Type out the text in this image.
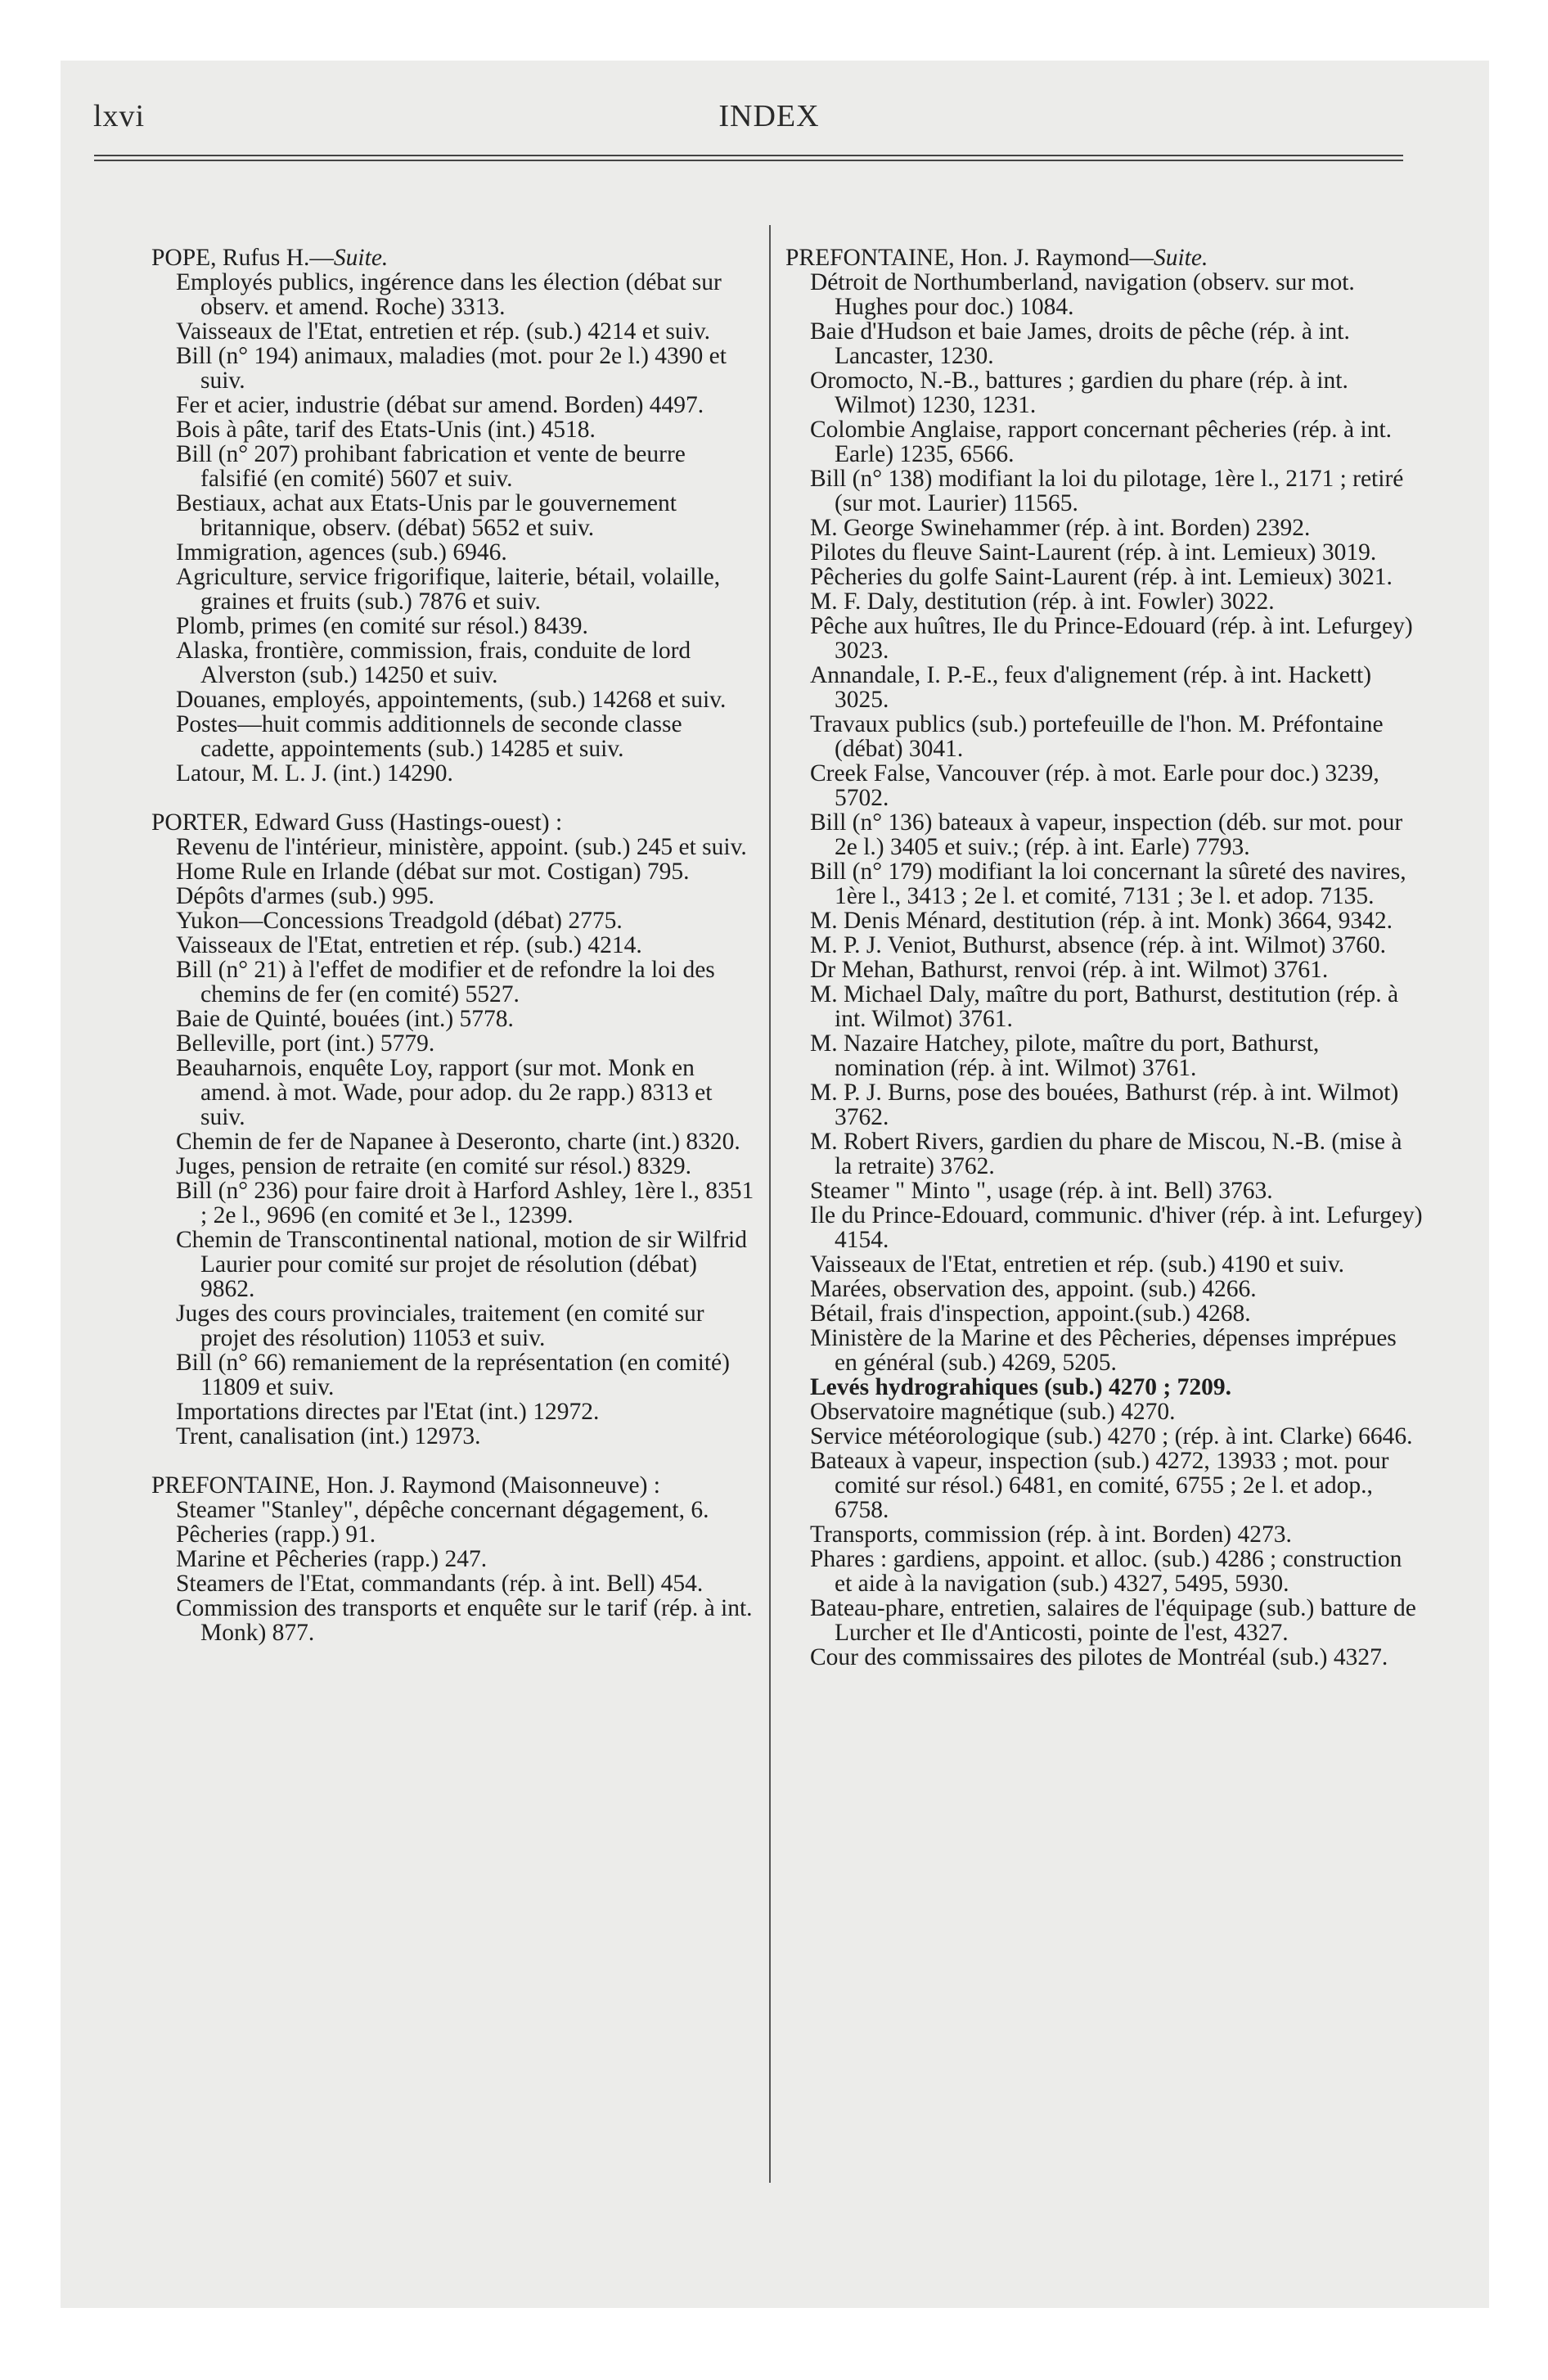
lxvi	INDEX

POPE, Rufus H.—Suite.

Employés publics, ingérence dans les élection (débat sur observ. et amend. Roche) 3313.

Vaisseaux de l'Etat, entretien et rép. (sub.) 4214 et suiv.

Bill (n° 194) animaux, maladies (mot. pour 2e l.) 4390 et suiv.

Fer et acier, industrie (débat sur amend. Borden) 4497.

Bois à pâte, tarif des Etats-Unis (int.) 4518.

Bill (n° 207) prohibant fabrication et vente de beurre falsifié (en comité) 5607 et suiv.

Bestiaux, achat aux Etats-Unis par le gouvernement britannique, observ. (débat) 5652 et suiv.

Immigration, agences (sub.) 6946.

Agriculture, service frigorifique, laiterie, bétail, volaille, graines et fruits (sub.) 7876 et suiv.

Plomb, primes (en comité sur résol.) 8439.

Alaska, frontière, commission, frais, conduite de lord Alverston (sub.) 14250 et suiv.

Douanes, employés, appointements, (sub.) 14268 et suiv.

Postes—huit commis additionnels de seconde classe cadette, appointements (sub.) 14285 et suiv.

Latour, M. L. J. (int.) 14290.

PORTER, Edward Guss (Hastings-ouest) :

Revenu de l'intérieur, ministère, appoint. (sub.) 245 et suiv.

Home Rule en Irlande (débat sur mot. Costigan) 795.

Dépôts d'armes (sub.) 995.

Yukon—Concessions Treadgold (débat) 2775.

Vaisseaux de l'Etat, entretien et rép. (sub.) 4214.

Bill (n° 21) à l'effet de modifier et de refondre la loi des chemins de fer (en comité) 5527.

Baie de Quinté, bouées (int.) 5778.

Belleville, port (int.) 5779.

Beauharnois, enquête Loy, rapport (sur mot. Monk en amend. à mot. Wade, pour adop. du 2e rapp.) 8313 et suiv.

Chemin de fer de Napanee à Deseronto, charte (int.) 8320.

Juges, pension de retraite (en comité sur résol.) 8329.

Bill (n° 236) pour faire droit à Harford Ashley, 1ère l., 8351 ; 2e l., 9696 (en comité et 3e l., 12399.

Chemin de Transcontinental national, motion de sir Wilfrid Laurier pour comité sur projet de résolution (débat) 9862.

Juges des cours provinciales, traitement (en comité sur projet des résolution) 11053 et suiv.

Bill (n° 66) remaniement de la représentation (en comité) 11809 et suiv.

Importations directes par l'Etat (int.) 12972.

Trent, canalisation (int.) 12973.

PREFONTAINE, Hon. J. Raymond (Maisonneuve) :

Steamer "Stanley", dépêche concernant dégagement, 6.

Pêcheries (rapp.) 91.

Marine et Pêcheries (rapp.) 247.

Steamers de l'Etat, commandants (rép. à int. Bell) 454.

Commission des transports et enquête sur le tarif (rép. à int. Monk) 877.

PREFONTAINE, Hon. J. Raymond—Suite.

Détroit de Northumberland, navigation (observ. sur mot. Hughes pour doc.) 1084.

Baie d'Hudson et baie James, droits de pêche (rép. à int. Lancaster, 1230.

Oromocto, N.-B., battures ; gardien du phare (rép. à int. Wilmot) 1230, 1231.

Colombie Anglaise, rapport concernant pêcheries (rép. à int. Earle) 1235, 6566.

Bill (n° 138) modifiant la loi du pilotage, 1ère l., 2171 ; retiré (sur mot. Laurier) 11565.

M. George Swinehammer (rép. à int. Borden) 2392.

Pilotes du fleuve Saint-Laurent (rép. à int. Lemieux) 3019.

Pêcheries du golfe Saint-Laurent (rép. à int. Lemieux) 3021.

M. F. Daly, destitution (rép. à int. Fowler) 3022.

Pêche aux huîtres, Ile du Prince-Edouard (rép. à int. Lefurgey) 3023.

Annandale, I. P.-E., feux d'alignement (rép. à int. Hackett) 3025.

Travaux publics (sub.) portefeuille de l'hon. M. Préfontaine (débat) 3041.

Creek False, Vancouver (rép. à mot. Earle pour doc.) 3239, 5702.

Bill (n° 136) bateaux à vapeur, inspection (déb. sur mot. pour 2e l.) 3405 et suiv.; (rép. à int. Earle) 7793.

Bill (n° 179) modifiant la loi concernant la sûreté des navires, 1ère l., 3413 ; 2e l. et comité, 7131 ; 3e l. et adop. 7135.

M. Denis Ménard, destitution (rép. à int. Monk) 3664, 9342.

M. P. J. Veniot, Buthurst, absence (rép. à int. Wilmot) 3760.

Dr Mehan, Bathurst, renvoi (rép. à int. Wilmot) 3761.

M. Michael Daly, maître du port, Bathurst, destitution (rép. à int. Wilmot) 3761.

M. Nazaire Hatchey, pilote, maître du port, Bathurst, nomination (rép. à int. Wilmot) 3761.

M. P. J. Burns, pose des bouées, Bathurst (rép. à int. Wilmot) 3762.

M. Robert Rivers, gardien du phare de Miscou, N.-B. (mise à la retraite) 3762.

Steamer " Minto ", usage (rép. à int. Bell) 3763.

Ile du Prince-Edouard, communic. d'hiver (rép. à int. Lefurgey) 4154.

Vaisseaux de l'Etat, entretien et rép. (sub.) 4190 et suiv.

Marées, observation des, appoint. (sub.) 4266.

Bétail, frais d'inspection, appoint.(sub.) 4268.

Ministère de la Marine et des Pêcheries, dépenses imprépues en général (sub.) 4269, 5205.

Levés hydrograhiques (sub.) 4270 ; 7209.

Observatoire magnétique (sub.) 4270.

Service météorologique (sub.) 4270 ; (rép. à int. Clarke) 6646.

Bateaux à vapeur, inspection (sub.) 4272, 13933 ; mot. pour comité sur résol.) 6481, en comité, 6755 ; 2e l. et adop., 6758.

Transports, commission (rép. à int. Borden) 4273.

Phares : gardiens, appoint. et alloc. (sub.) 4286 ; construction et aide à la navigation (sub.) 4327, 5495, 5930.

Bateau-phare, entretien, salaires de l'équipage (sub.) batture de Lurcher et Ile d'Anticosti, pointe de l'est, 4327.

Cour des commissaires des pilotes de Montréal (sub.) 4327.
